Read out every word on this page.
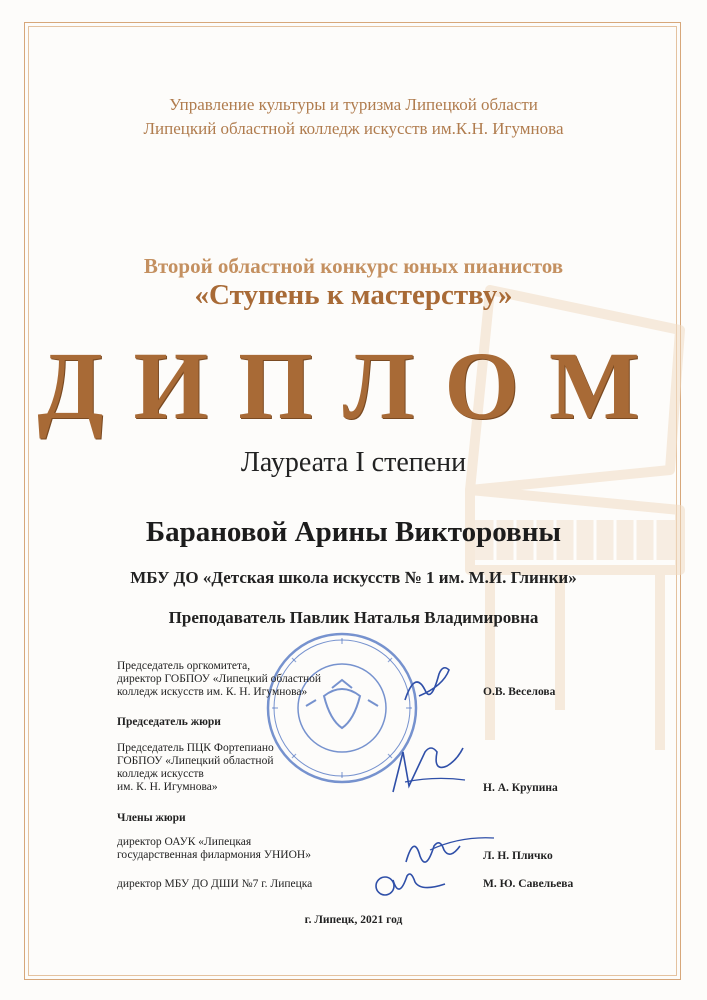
Управление культуры и туризма Липецкой области
Липецкий областной колледж искусств им.К.Н. Игумнова
Второй областной конкурс юных пианистов
«Ступень к мастерству»
ДИПЛОМ
Лауреата I степени
Барановой Арины Викторовны
МБУ ДО «Детская школа искусств № 1 им. М.И. Глинки»
Преподаватель Павлик Наталья Владимировна
Председатель оргкомитета,
директор ГОБПОУ «Липецкий областной
колледж искусств им. К. Н. Игумнова»	О.В. Веселова
Председатель жюри
Председатель ПЦК Фортепиано
ГОБПОУ «Липецкий областной
колледж искусств
им. К. Н. Игумнова»	Н. А. Крупина
Члены жюри
директор ОАУК «Липецкая
государственная филармония УНИОН»	Л. Н. Пличко
директор МБУ ДО ДШИ №7 г. Липецка	М. Ю. Савельева
г. Липецк, 2021 год
